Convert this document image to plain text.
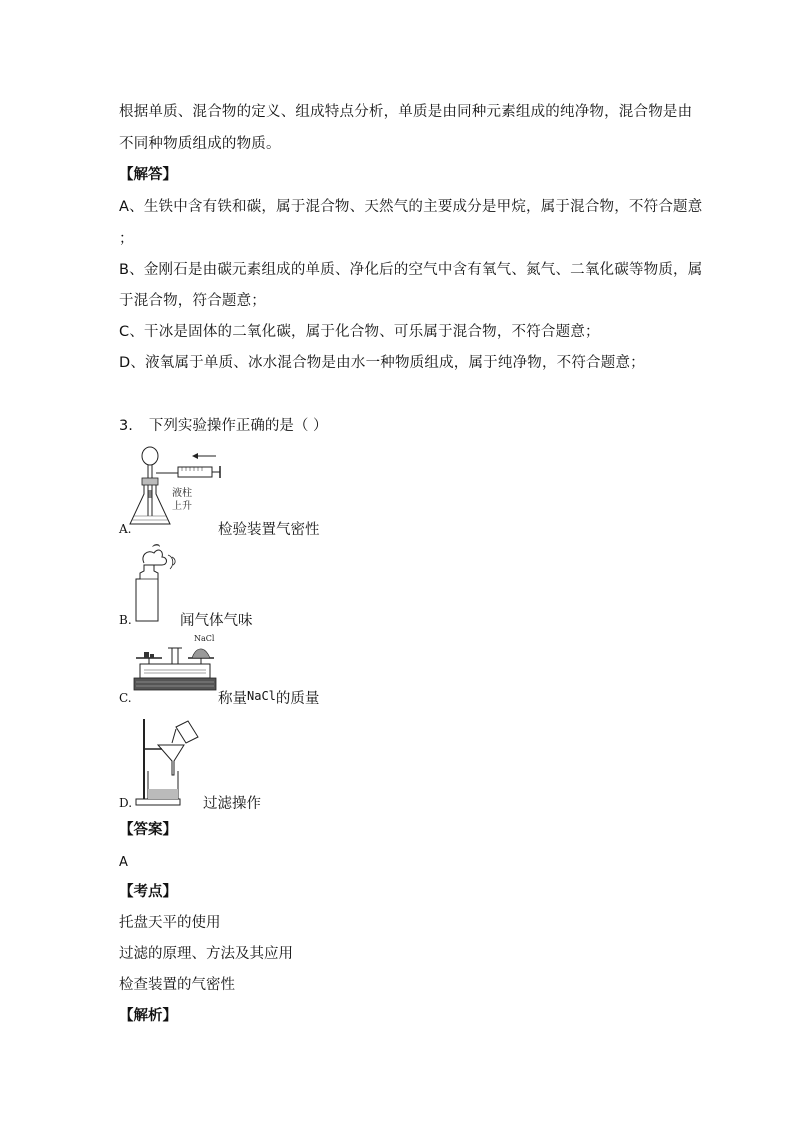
根据单质、混合物的定义、组成特点分析，单质是由同种元素组成的纯净物，混合物是由
不同种物质组成的物质。
【解答】
A、生铁中含有铁和碳，属于混合物、天然气的主要成分是甲烷，属于混合物，不符合题意
；
B、金刚石是由碳元素组成的单质、净化后的空气中含有氧气、氮气、二氧化碳等物质，属
于混合物，符合题意；
C、干冰是固体的二氧化碳，属于化合物、可乐属于混合物，不符合题意；
D、液氧属于单质、冰水混合物是由水一种物质组成，属于纯净物，不符合题意；
3. 下列实验操作正确的是（ ）
液柱
上升
A.	检验装置气密性
B.	闻气体气味
NaCl
C.	称量$^{NaCl}$的质量
D.	过滤操作
【答案】
A
【考点】
托盘天平的使用
过滤的原理、方法及其应用
检查装置的气密性
【解析】
